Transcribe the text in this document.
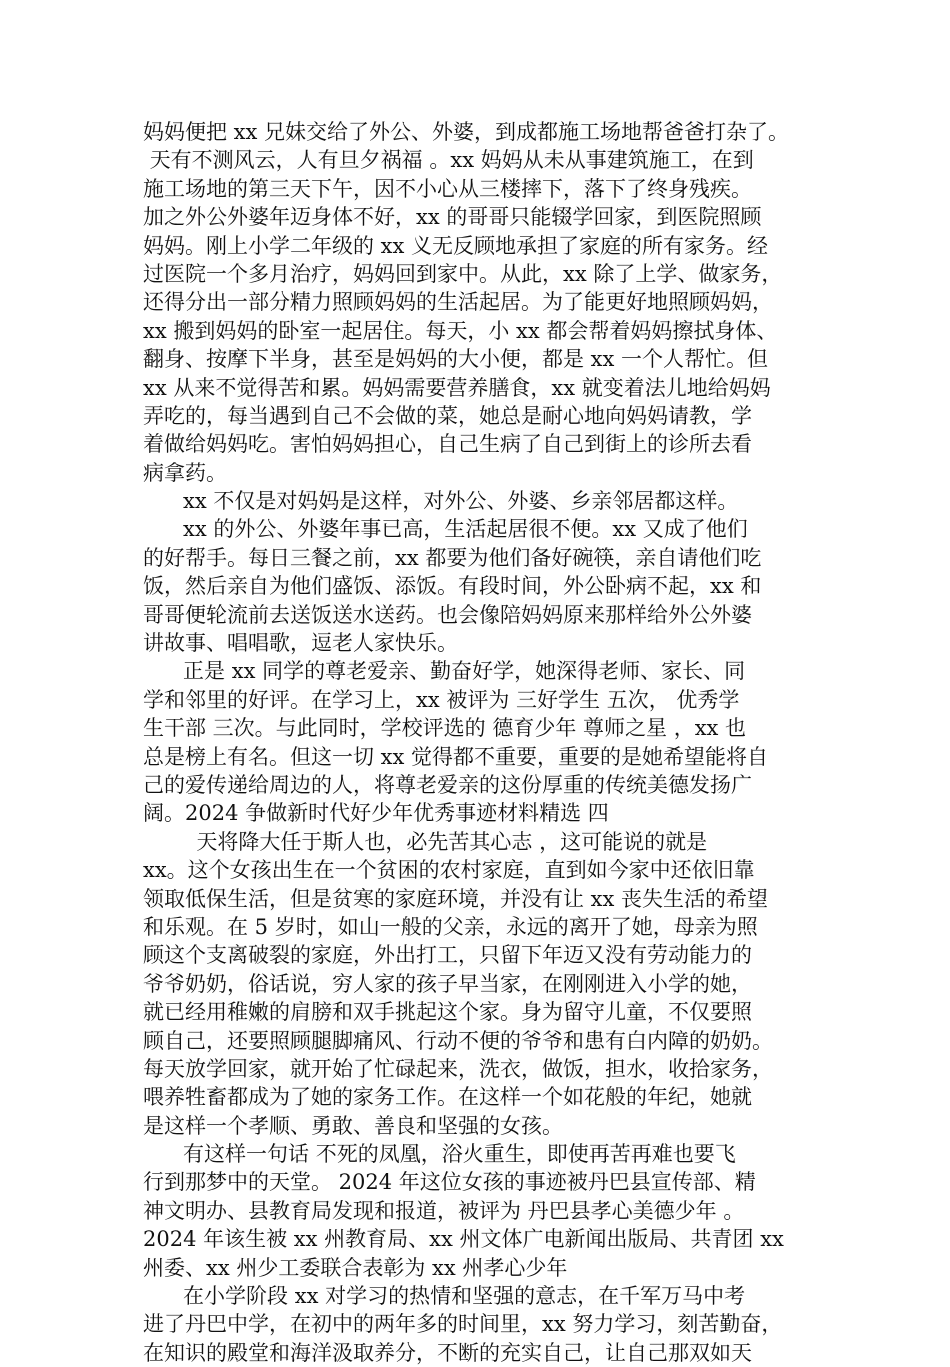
妈妈便把 xx 兄妹交给了外公、外婆，到成都施工场地帮爸爸打杂了。
天有不测风云，人有旦夕祸福 。xx 妈妈从未从事建筑施工，在到
施工场地的第三天下午，因不小心从三楼摔下，落下了终身残疾。
加之外公外婆年迈身体不好，xx 的哥哥只能辍学回家，到医院照顾
妈妈。刚上小学二年级的 xx 义无反顾地承担了家庭的所有家务。经
过医院一个多月治疗，妈妈回到家中。从此，xx 除了上学、做家务，
还得分出一部分精力照顾妈妈的生活起居。为了能更好地照顾妈妈，
xx 搬到妈妈的卧室一起居住。每天，小 xx 都会帮着妈妈擦拭身体、
翻身、按摩下半身，甚至是妈妈的大小便，都是 xx 一个人帮忙。但
xx 从来不觉得苦和累。妈妈需要营养膳食，xx 就变着法儿地给妈妈
弄吃的，每当遇到自己不会做的菜，她总是耐心地向妈妈请教，学
着做给妈妈吃。害怕妈妈担心，自己生病了自己到街上的诊所去看
病拿药。
xx 不仅是对妈妈是这样，对外公、外婆、乡亲邻居都这样。
xx 的外公、外婆年事已高，生活起居很不便。xx 又成了他们
的好帮手。每日三餐之前，xx 都要为他们备好碗筷，亲自请他们吃
饭，然后亲自为他们盛饭、添饭。有段时间，外公卧病不起，xx 和
哥哥便轮流前去送饭送水送药。也会像陪妈妈原来那样给外公外婆
讲故事、唱唱歌，逗老人家快乐。
正是 xx 同学的尊老爱亲、勤奋好学，她深得老师、家长、同
学和邻里的好评。在学习上，xx 被评为 三好学生 五次， 优秀学
生干部 三次。与此同时，学校评选的 德育少年 尊师之星 ，xx 也
总是榜上有名。但这一切 xx 觉得都不重要，重要的是她希望能将自
己的爱传递给周边的人，将尊老爱亲的这份厚重的传统美德发扬广
阔。2024 争做新时代好少年优秀事迹材料精选 四
天将降大任于斯人也，必先苦其心志 ，这可能说的就是
xx。这个女孩出生在一个贫困的农村家庭，直到如今家中还依旧靠
领取低保生活，但是贫寒的家庭环境，并没有让 xx 丧失生活的希望
和乐观。在 5 岁时，如山一般的父亲，永远的离开了她，母亲为照
顾这个支离破裂的家庭，外出打工，只留下年迈又没有劳动能力的
爷爷奶奶，俗话说，穷人家的孩子早当家，在刚刚进入小学的她，
就已经用稚嫩的肩膀和双手挑起这个家。身为留守儿童，不仅要照
顾自己，还要照顾腿脚痛风、行动不便的爷爷和患有白内障的奶奶。
每天放学回家，就开始了忙碌起来，洗衣，做饭，担水，收拾家务，
喂养牲畜都成为了她的家务工作。在这样一个如花般的年纪，她就
是这样一个孝顺、勇敢、善良和坚强的女孩。
有这样一句话 不死的凤凰，浴火重生，即使再苦再难也要飞
行到那梦中的天堂。 2024 年这位女孩的事迹被丹巴县宣传部、精
神文明办、县教育局发现和报道，被评为 丹巴县孝心美德少年 。
2024 年该生被 xx 州教育局、xx 州文体广电新闻出版局、共青团 xx
州委、xx 州少工委联合表彰为 xx 州孝心少年
在小学阶段 xx 对学习的热情和坚强的意志，在千军万马中考
进了丹巴中学，在初中的两年多的时间里，xx 努力学习，刻苦勤奋，
在知识的殿堂和海洋汲取养分，不断的充实自己，让自己那双如天
